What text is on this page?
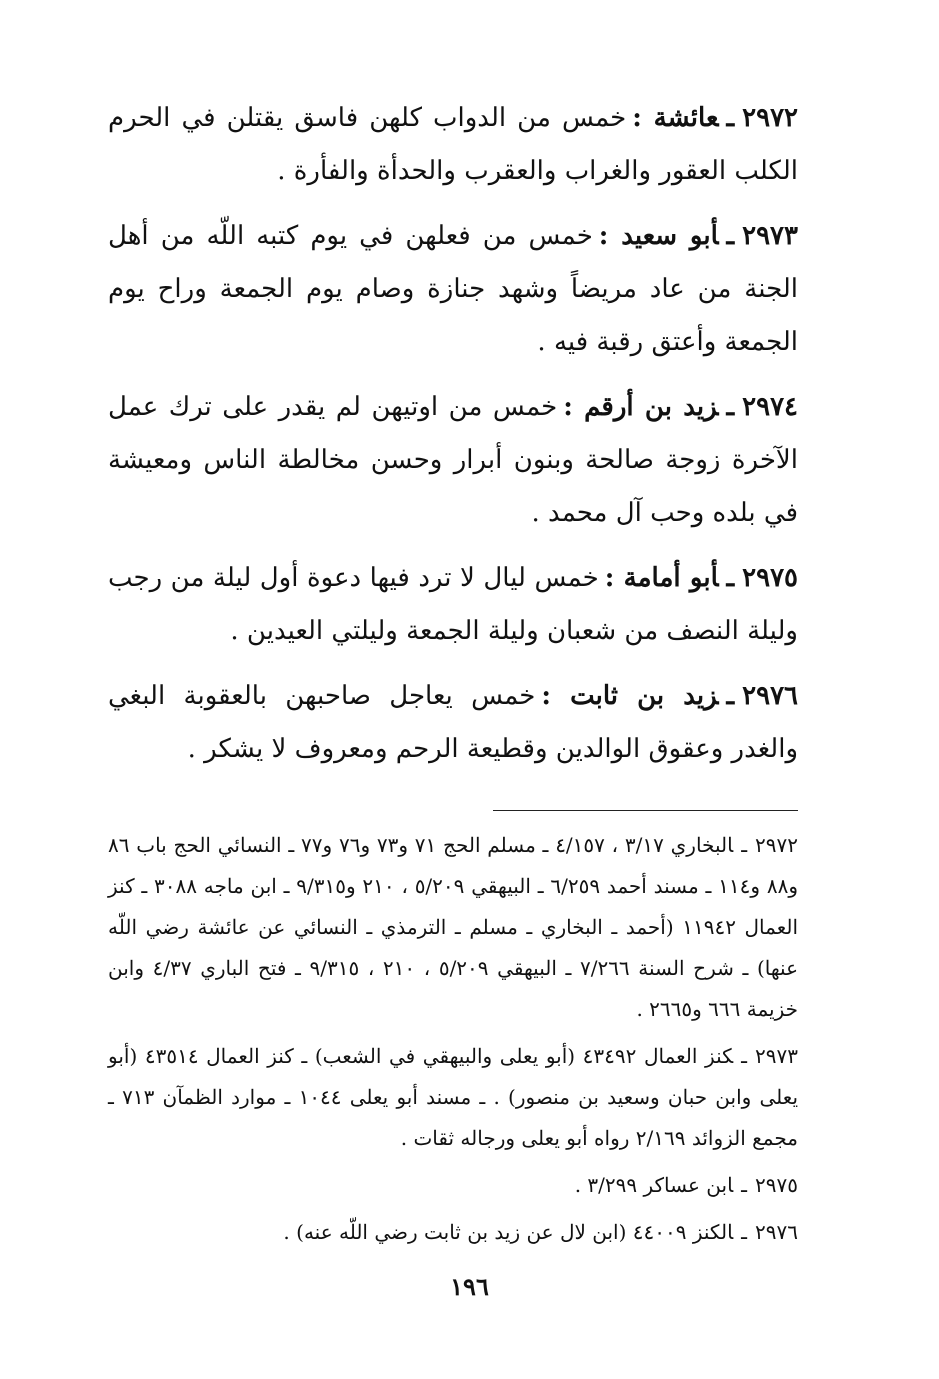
٢٩٧٢ـعائشة :خمس من الدواب كلهن فاسق يقتلن في الحرم الكلب العقور والغراب والعقرب والحدأة والفأرة .

٢٩٧٣ـأبو سعيد :خمس من فعلهن في يوم كتبه اللّه من أهل الجنة من عاد مريضاً وشهد جنازة وصام يوم الجمعة وراح يوم الجمعة وأعتق رقبة فيه .

٢٩٧٤ـزيد بن أرقم :خمس من اوتيهن لم يقدر على ترك عمل الآخرة زوجة صالحة وبنون أبرار وحسن مخالطة الناس ومعيشة في بلده وحب آل محمد .

٢٩٧٥ـأبو أمامة :خمس ليال لا ترد فيها دعوة أول ليلة من رجب وليلة النصف من شعبان وليلة الجمعة وليلتي العيدين .

٢٩٧٦ـزيد بن ثابت :خمس يعاجل صاحبهن بالعقوبة البغي والغدر وعقوق الوالدين وقطيعة الرحم ومعروف لا يشكر .

٢٩٧٢ـالبخاري ٣/١٧ ، ٤/١٥٧ ـ مسلم الحج ٧١ و٧٣ و٧٦ و٧٧ ـ النسائي الحج باب ٨٦ و٨٨ و١١٤ ـ مسند أحمد ٦/٢٥٩ ـ البيهقي ٥/٢٠٩ ، ٢١٠ و٩/٣١٥ ـ ابن ماجه ٣٠٨٨ ـ كنز العمال ١١٩٤٢ (أحمد ـ البخاري ـ مسلم ـ الترمذي ـ النسائي عن عائشة رضي اللّه عنها) ـ شرح السنة ٧/٢٦٦ ـ البيهقي ٥/٢٠٩ ، ٢١٠ ، ٩/٣١٥ ـ فتح الباري ٤/٣٧ وابن خزيمة ٦٦٦ و٢٦٦٥ .

٢٩٧٣ـكنز العمال ٤٣٤٩٢ (أبو يعلى والبيهقي في الشعب) ـ كنز العمال ٤٣٥١٤ (أبو يعلى وابن حبان وسعيد بن منصور) . ـ مسند أبو يعلى ١٠٤٤ ـ موارد الظمآن ٧١٣ ـ مجمع الزوائد ٢/١٦٩ رواه أبو يعلى ورجاله ثقات .

٢٩٧٥ـابن عساكر ٣/٢٩٩ .

٢٩٧٦ـالكنز ٤٤٠٠٩ (ابن لال عن زيد بن ثابت رضي اللّه عنه) .

١٩٦
